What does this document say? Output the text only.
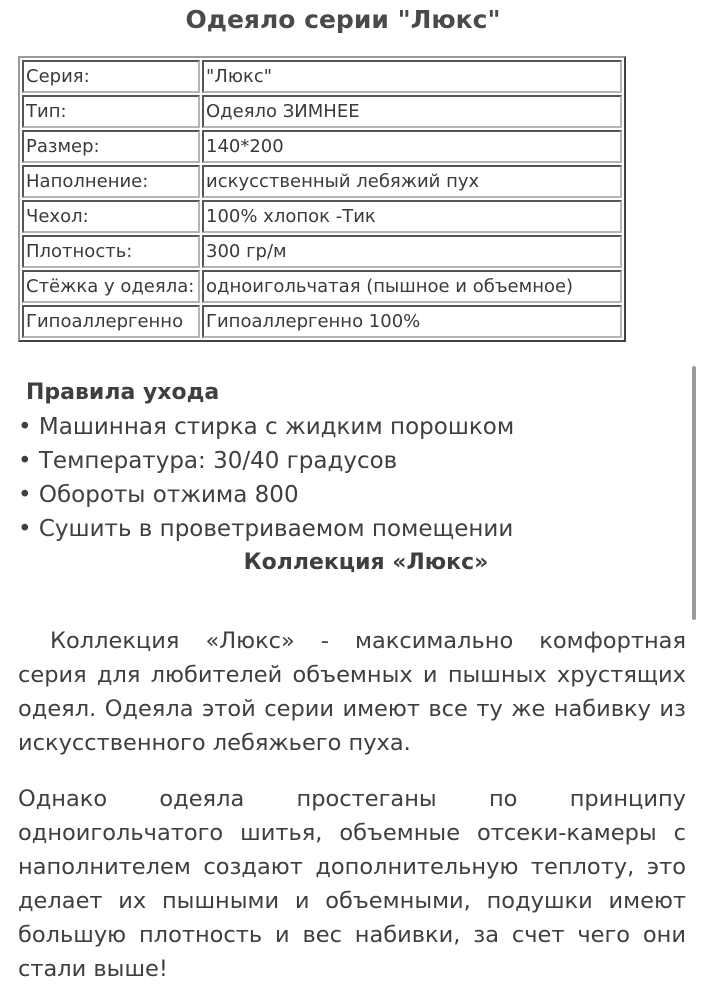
Одеяло серии "Люкс"
Серия:	"Люкс"
Тип:	Одеяло ЗИМНЕЕ
Размер:	140*200
Наполнение:	искусственный лебяжий пух
Чехол:	100% хлопок -Тик
Плотность:	300 гр/м
Стёжка у одеяла:	одноигольчатая (пышное и объемное)
Гипоаллергенно	Гипоаллергенно 100%
Правила ухода
• Машинная стирка с жидким порошком
• Температура: 30/40 градусов
• Обороты отжима 800
• Сушить в проветриваемом помещении
Коллекция «Люкс»

Коллекция «Люкс» - максимально комфортная серия для любителей объемных и пышных хрустящих одеял. Одеяла этой серии имеют все ту же набивку из искусственного лебяжьего пуха.

Однако одеяла простеганы по принципу одноигольчатого шитья, объемные отсеки-камеры с наполнителем создают дополнительную теплоту, это делает их пышными и объемными, подушки имеют большую плотность и вес набивки, за счет чего они стали выше!
